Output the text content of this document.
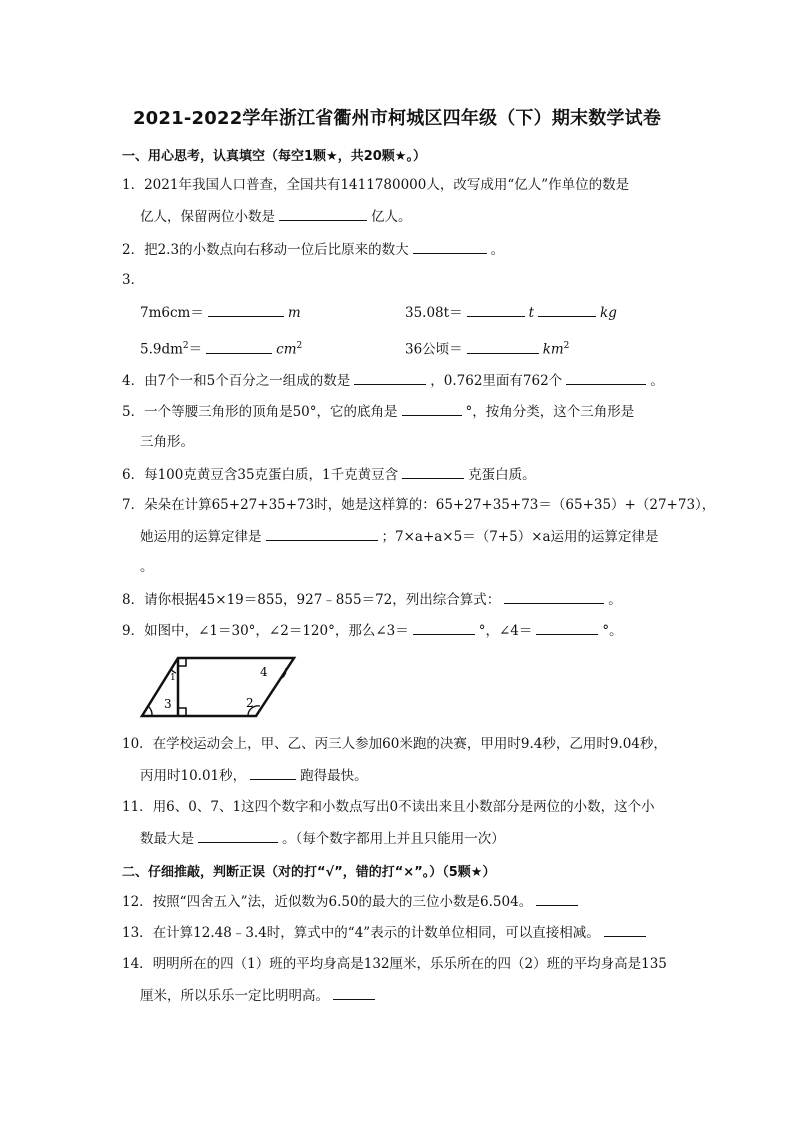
2021-2022学年浙江省衢州市柯城区四年级（下）期末数学试卷
一、用心思考，认真填空（每空1颗★，共20颗★。）
1．2021年我国人口普查，全国共有1411780000人，改写成用“亿人”作单位的数是
亿人，保留两位小数是	亿人。
2．把2.3的小数点向右移动一位后比原来的数大	。
3．
7m6cm＝	m	35.08t＝	t	kg
$5.9dm^2=$	$cm^2$	36公顷＝	$km^2$
4．由7个一和5个百分之一组成的数是	，0.762里面有762个	。
5．一个等腰三角形的顶角是50°，它的底角是	°，按角分类，这个三角形是
三角形。
6．每100克黄豆含35克蛋白质，1千克黄豆含	克蛋白质。
7．朵朵在计算65+27+35+73时，她是这样算的：65+27+35+73＝（65+35）+（27+73），
她运用的运算定律是	；7×a+a×5＝（7+5）×a运用的运算定律是
。
8．请你根据45×19＝855，927﹣855＝72，列出综合算式：	。
9．如图中，∠1＝30°，∠2＝120°，那么∠3＝	°，∠4＝	°。
1
2
3
4
10．在学校运动会上，甲、乙、丙三人参加60米跑的决赛，甲用时9.4秒，乙用时9.04秒，
丙用时10.01秒，	跑得最快。
11．用6、0、7、1这四个数字和小数点写出0不读出来且小数部分是两位的小数，这个小
数最大是	。（每个数字都用上并且只能用一次）
二、仔细推敲，判断正误（对的打“√”，错的打“×”。）（5颗★）
12．按照“四舍五入”法，近似数为6.50的最大的三位小数是6.504。
13．在计算12.48﹣3.4时，算式中的“4”表示的计数单位相同，可以直接相减。
14．明明所在的四（1）班的平均身高是132厘米，乐乐所在的四（2）班的平均身高是135
厘米，所以乐乐一定比明明高。
